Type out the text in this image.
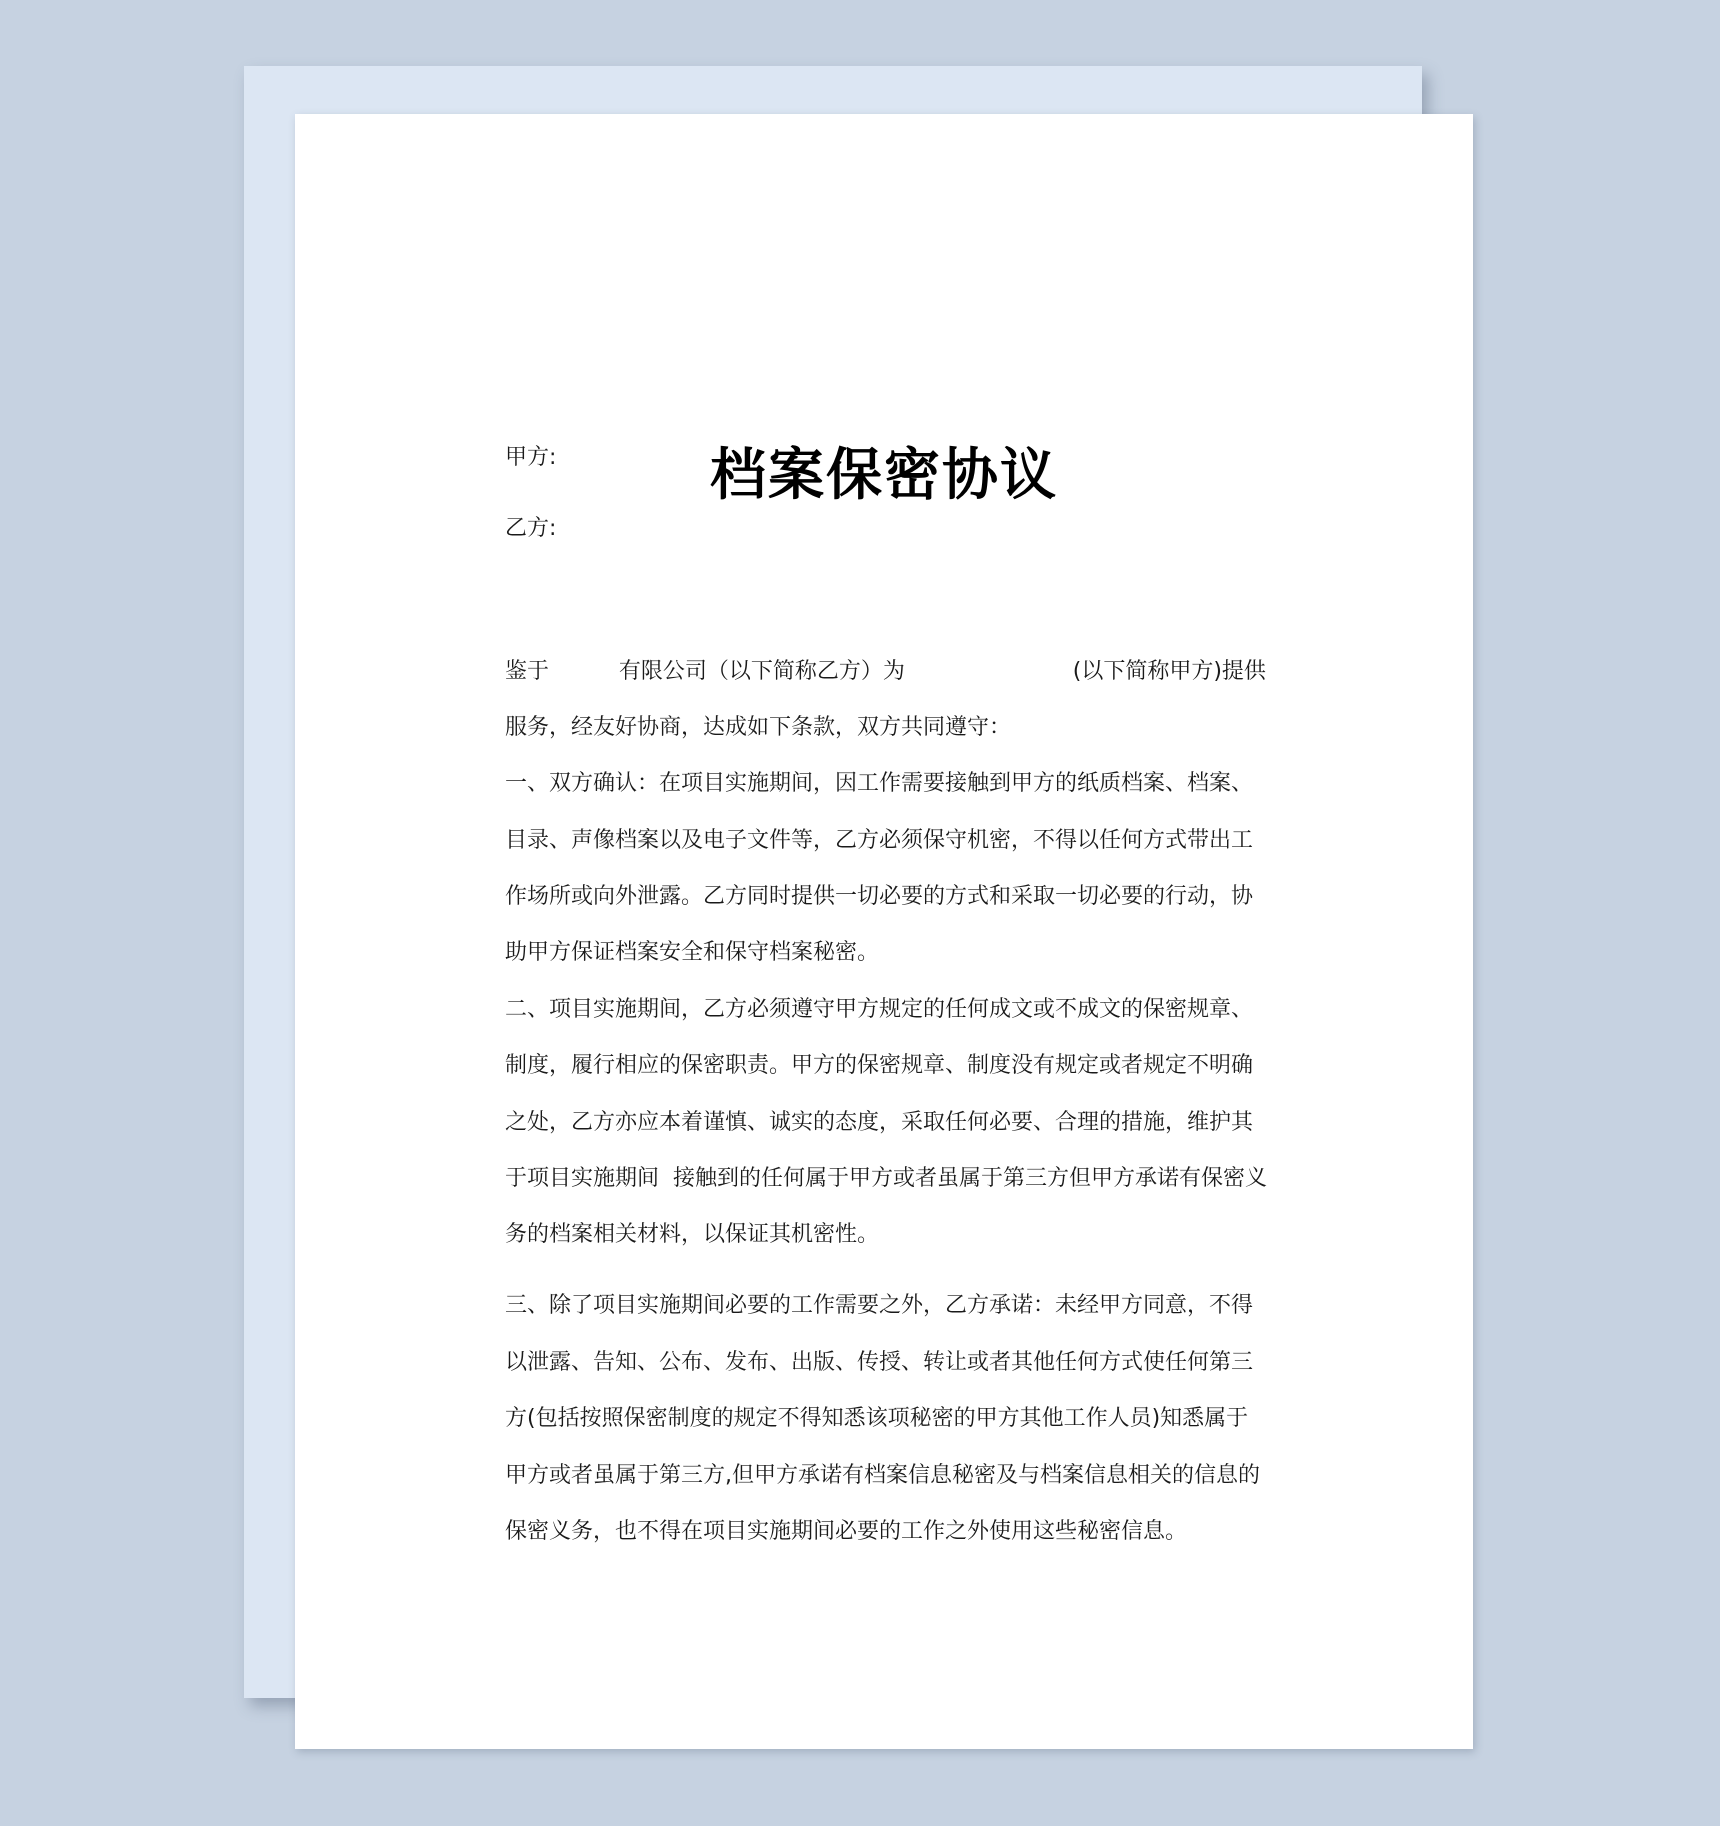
档案保密协议

甲方:

乙方:

鉴于          有限公司（以下简称乙方）为                        (以下简称甲方)提供

服务，经友好协商，达成如下条款，双方共同遵守：

一、双方确认：在项目实施期间，因工作需要接触到甲方的纸质档案、档案、

目录、声像档案以及电子文件等，乙方必须保守机密，不得以任何方式带出工

作场所或向外泄露。乙方同时提供一切必要的方式和采取一切必要的行动，协

助甲方保证档案安全和保守档案秘密。

二、项目实施期间，乙方必须遵守甲方规定的任何成文或不成文的保密规章、

制度，履行相应的保密职责。甲方的保密规章、制度没有规定或者规定不明确

之处，乙方亦应本着谨慎、诚实的态度，采取任何必要、合理的措施，维护其

于项目实施期间  接触到的任何属于甲方或者虽属于第三方但甲方承诺有保密义

务的档案相关材料，以保证其机密性。

三、除了项目实施期间必要的工作需要之外，乙方承诺：未经甲方同意，不得

以泄露、告知、公布、发布、出版、传授、转让或者其他任何方式使任何第三

方(包括按照保密制度的规定不得知悉该项秘密的甲方其他工作人员)知悉属于

甲方或者虽属于第三方,但甲方承诺有档案信息秘密及与档案信息相关的信息的

保密义务，也不得在项目实施期间必要的工作之外使用这些秘密信息。
